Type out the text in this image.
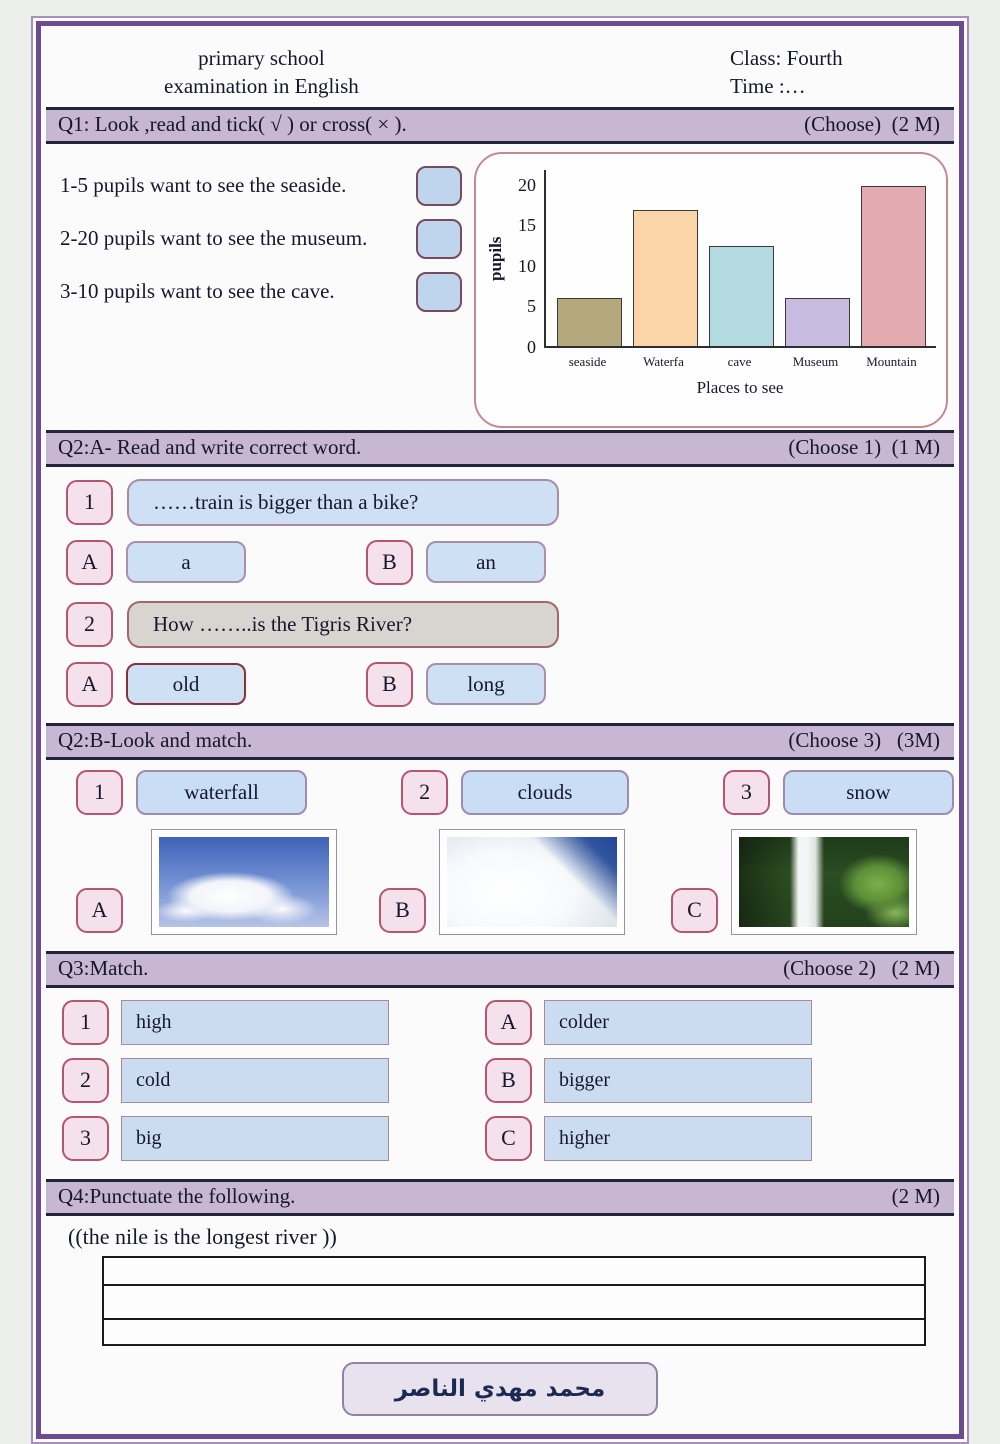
primary school
examination in English
Class: Fourth
Time :…
Q1: Look ,read and tick( √ ) or cross( × ).	(Choose)  (2 M)
1-5 pupils want to see the seaside.
2-20 pupils want to see the museum.
3-10 pupils want to see the cave.
pupils
0
5
10
15
20
seaside	Waterfa	cave	Museum	Mountain
Places to see
Q2:A- Read and write correct word.	(Choose 1)  (1 M)
1	……train is bigger than a bike?
A	a	B	an
2	How ……..is the Tigris River?
A	old	B	long
Q2:B-Look and match.	(Choose 3)   (3M)
1	waterfall	2	clouds	3	snow
A	B	C
Q3:Match.	(Choose 2)   (2 M)
1	high	A	colder
2	cold	B	bigger
3	big	C	higher
Q4:Punctuate the following.	(2 M)
((the nile is the longest river ))
محمد مهدي الناصر
